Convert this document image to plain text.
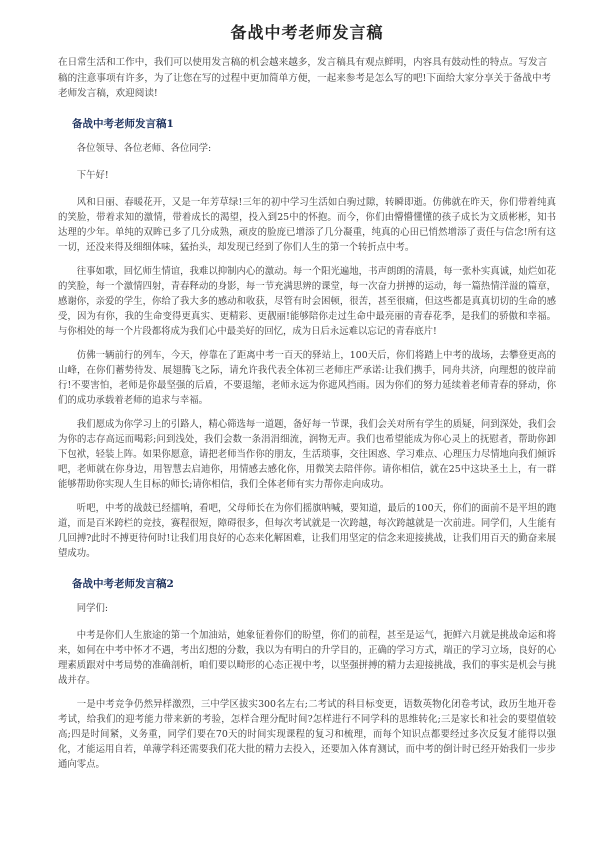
备战中考老师发言稿

在日常生活和工作中，我们可以使用发言稿的机会越来越多，发言稿具有观点鲜明，内容具有鼓动性的特点。写发言稿的注意事项有许多，为了让您在写的过程中更加简单方便，一起来参考是怎么写的吧!下面给大家分享关于备战中考老师发言稿，欢迎阅读!

备战中考老师发言稿1

各位领导、各位老师、各位同学:

下午好!

风和日丽、春暖花开，又是一年芳草绿!三年的初中学习生活如白驹过隙，转瞬即逝。仿佛就在昨天，你们带着纯真的笑脸，带着求知的激情，带着成长的渴望，投入到25中的怀抱。而今，你们由懵懵懂懂的孩子成长为文质彬彬，知书达理的少年。单纯的双眸已多了几分成熟，顽皮的脸庞已增添了几分凝重，纯真的心田已悄然增添了责任与信念!所有这一切，还没来得及细细体味，猛抬头，却发现已经到了你们人生的第一个转折点中考。

往事如歌，回忆师生情谊，我难以抑制内心的激动。每一个阳光遍地，书声朗朗的清晨，每一张朴实真诚，灿烂如花的笑脸，每一个激情四射，青春释动的身影，每一节充满思辨的课堂，每一次奋力拼搏的运动，每一篇热情洋溢的篇章，感谢你，亲爱的学生，你给了我大多的感动和收获，尽管有时会困顿，很苦，甚至很痛，但这些都是真真切切的生命的感受，因为有你，我的生命变得更真实、更精彩、更靓丽!能够陪你走过生命中最亮丽的青春花季，是我们的骄傲和幸福。与你相处的每一个片段都将成为我们心中最美好的回忆，成为日后永远难以忘记的青春底片!

仿佛一辆前行的列车，今天，停靠在了距离中考一百天的驿站上，100天后，你们将踏上中考的战场，去攀登更高的山峰，在你们蓄势待发、展翅腾飞之际，请允许我代表全体初三老师庄严承诺:让我们携手，同舟共济，向理想的彼岸前行!不要害怕，老师是你最坚强的后盾，不要退缩，老师永远为你遮风挡雨。因为你们的努力延续着老师青春的驿动，你们的成功承载着老师的追求与幸福。

我们愿成为你学习上的引路人，精心筛选每一道题，备好每一节课，我们会关对所有学生的质疑，问到深处，我们会为你的志存高远而喝彩;问到浅处，我们会数一条涓涓细流，润物无声。我们也希望能成为你心灵上的抚慰者，帮助你卸下包袱，轻装上阵。如果你愿意，请把老师当作你的朋友，生活琐事，交往困惑、学习难点、心理压力尽情地向我们倾诉吧，老师就在你身边，用智慧去启迪你，用情感去感化你，用微笑去陪伴你。请你相信，就在25中这块圣土上，有一群能够帮助你实现人生目标的师长;请你相信，我们全体老师有实力帮你走向成功。

听吧，中考的战鼓已经擂响，看吧，父母师长在为你们摇旗呐喊，要知道，最后的100天，你们的面前不是平坦的跑道，而是百米跨栏的竞技，赛程很短，障碍很多，但每次考试就是一次跨越，每次跨越就是一次前进。同学们，人生能有几回搏?此时不搏更待何时!让我们用良好的心态来化解困难，让我们用坚定的信念来迎接挑战，让我们用百天的勤奋来展望成功。

备战中考老师发言稿2

同学们:

中考是你们人生旅途的第一个加油站，她象征着你们的盼望，你们的前程，甚至是运气，扼鲜六月就是挑战命运和将来，如何在中考中怀才不遇，考出幻想的分数，我以为有明白的升学目的，正确的学习方式，端正的学习立场，良好的心理素质跟对中考局势的准确剖析，咱们要以畸形的心态正视中考，以坚强拼搏的精力去迎接挑战，我们的事实是机会与挑战并存。

一是中考竞争仍然异样激烈，三中学区拔实300名左右;二考试的科目标变更，语数英物化闭卷考试，政历生地开卷考试，给我们的迎考能力带来新的考验，怎样合理分配时间?怎样进行不同学科的思维转化;三是家长和社会的要望值较高;四是时间紧，义务重，同学们要在70天的时间实现课程的复习和梳理，而每个知识点都要经过多次反复才能得以强化，才能运用自若，单薄学科还需要我们花大批的精力去投入，还要加入体育测试，而中考的倒计时已经开始我们一步步通向零点。
